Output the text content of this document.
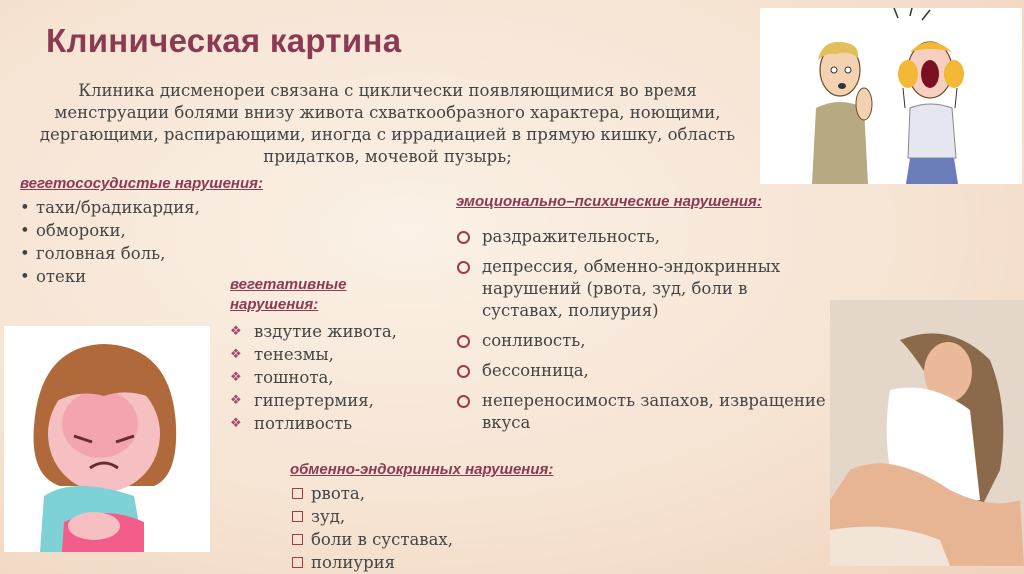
Клиническая картина
Клиника дисменореи связана с циклически появляющимися во время менструации болями внизу живота схваткообразного характера, ноющими, дергающими, распирающими, иногда с иррадиацией в прямую кишку, область придатков, мочевой пузырь;
вегетососудистые нарушения:
• тахи/брадикардия,
• обмороки,
• головная боль,
• отеки	вегетативные
нарушения:
❖ вздутие живота,
❖ тенезмы,
❖ тошнота,
❖ гипертермия,
❖ потливость
эмоционально–психические нарушения:
раздражительность,
депрессия, обменно-эндокринных нарушений (рвота, зуд, боли в суставах, полиурия)
сонливость,
бессонница,
непереносимость запахов, извращение вкуса
обменно-эндокринных нарушения:
рвота,
зуд,
боли в суставах,
полиурия
